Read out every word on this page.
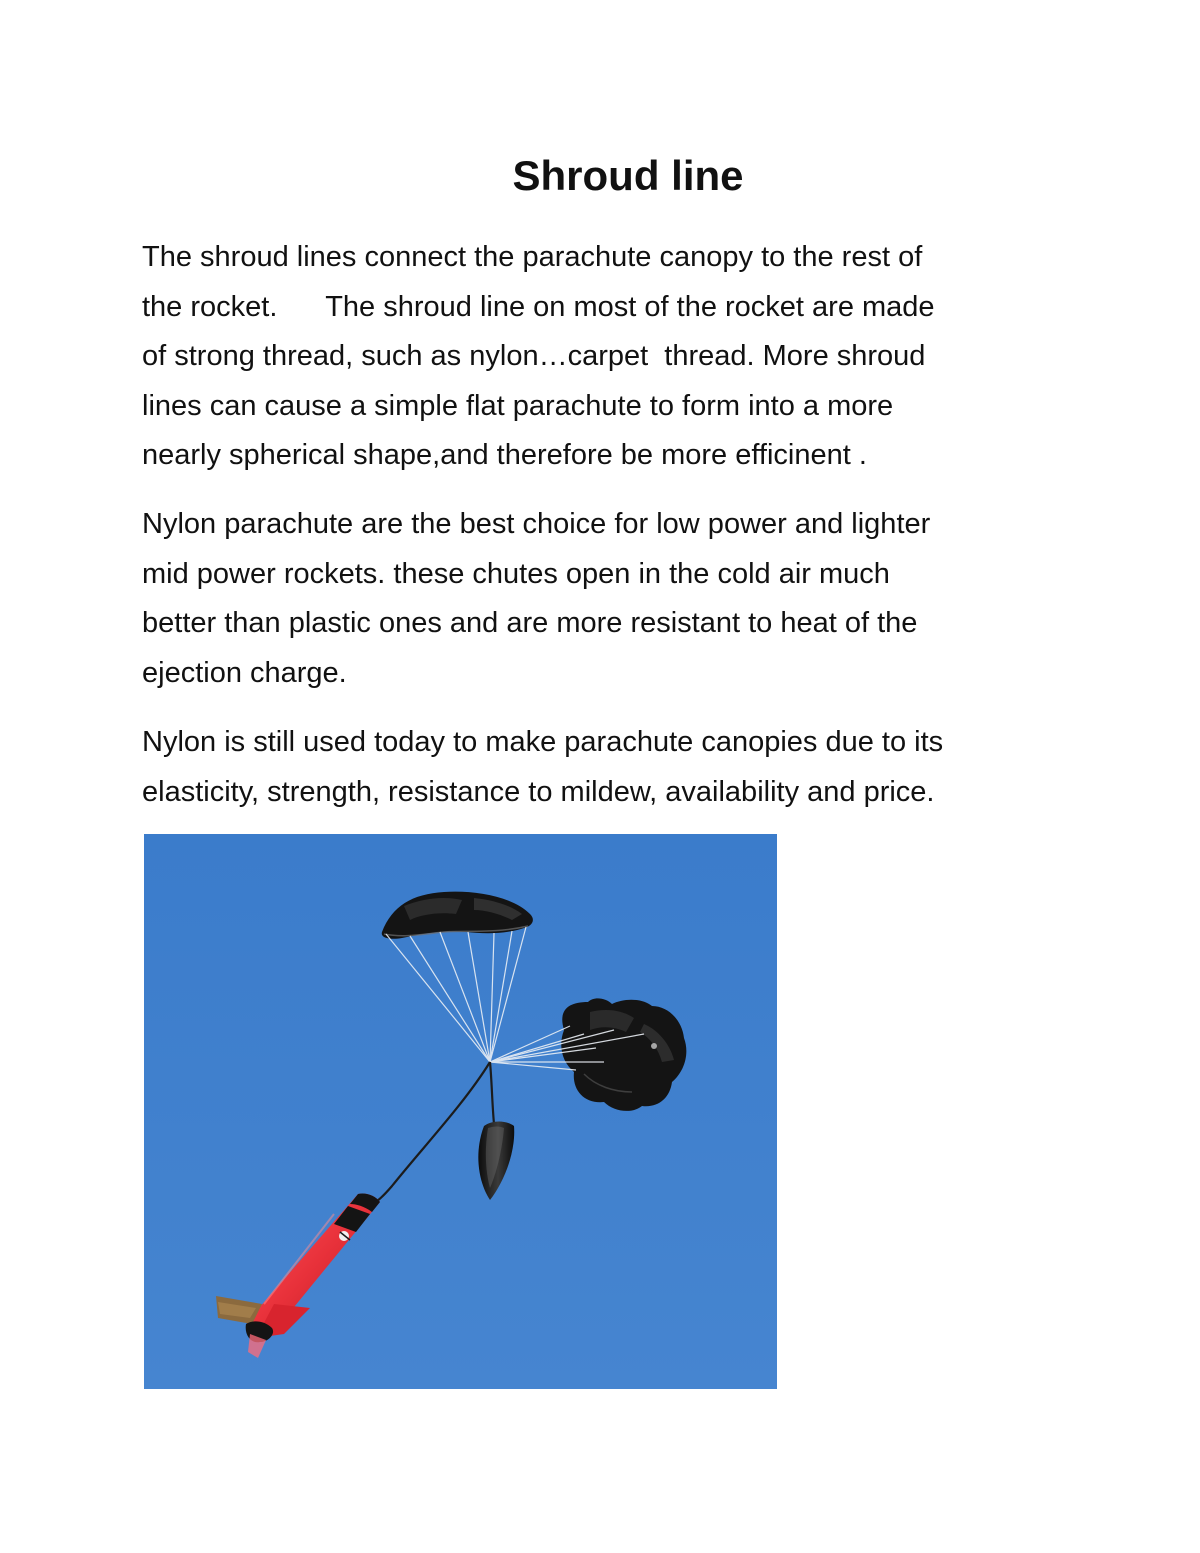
Shroud line

The shroud lines connect the parachute canopy to the rest of
the rocket.      The shroud line on most of the rocket are made
of strong thread, such as nylon…carpet  thread. More shroud
lines can cause a simple flat parachute to form into a more
nearly spherical shape,and therefore be more efficinent .

Nylon parachute are the best choice for low power and lighter
mid power rockets. these chutes open in the cold air much
better than plastic ones and are more resistant to heat of the
ejection charge.

Nylon is still used today to make parachute canopies due to its
elasticity, strength, resistance to mildew, availability and price.
